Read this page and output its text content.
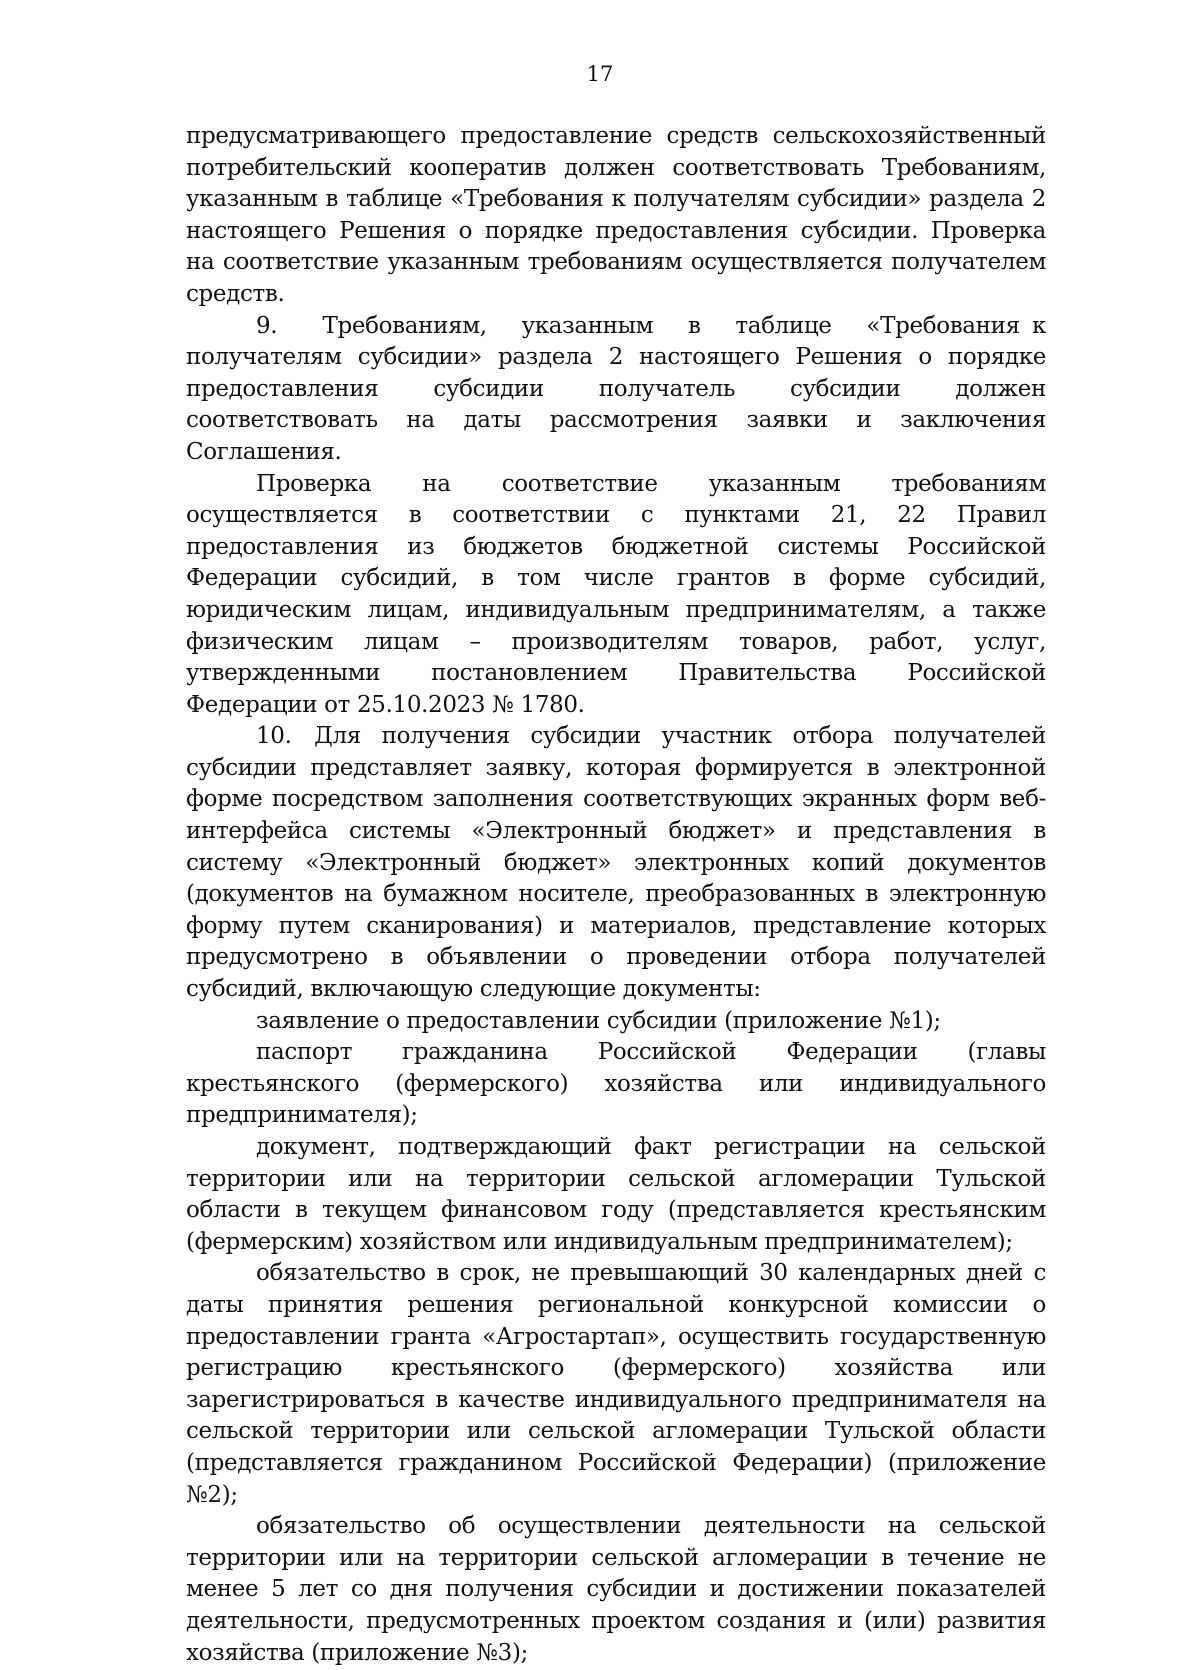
17

предусматривающего предоставление средств сельскохозяйственный потребительский кооператив должен соответствовать Требованиям, указанным в таблице «Требования к получателям субсидии» раздела 2 настоящего Решения о порядке предоставления субсидии. Проверка на соответствие указанным требованиям осуществляется получателем средств.

9.  Требованиям,  указанным  в  таблице  «Требования к получателям субсидии» раздела 2 настоящего Решения о порядке предоставления субсидии получатель субсидии должен соответствовать на даты рассмотрения заявки и заключения Соглашения.

Проверка на соответствие указанным требованиям осуществляется в соответствии с пунктами 21, 22 Правил предоставления из бюджетов бюджетной системы Российской Федерации субсидий, в том числе грантов в форме субсидий, юридическим лицам, индивидуальным предпринимателям, а также физическим лицам – производителям товаров, работ, услуг, утвержденными постановлением Правительства Российской Федерации от 25.10.2023 № 1780.

10. Для получения субсидии участник отбора получателей субсидии представляет заявку, которая формируется в электронной форме посредством заполнения соответствующих экранных форм веб-интерфейса системы «Электронный бюджет» и представления в систему «Электронный бюджет» электронных копий документов (документов на бумажном носителе, преобразованных в электронную форму путем сканирования) и материалов, представление которых предусмотрено в объявлении о проведении отбора получателей субсидий, включающую следующие документы:

заявление о предоставлении субсидии (приложение №1);

паспорт гражданина Российской Федерации (главы крестьянского (фермерского) хозяйства или индивидуального предпринимателя);

документ, подтверждающий факт регистрации на сельской территории или на территории сельской агломерации Тульской области в текущем финансовом году (представляется крестьянским (фермерским) хозяйством или индивидуальным предпринимателем);

обязательство в срок, не превышающий 30 календарных дней с даты принятия решения региональной конкурсной комиссии о предоставлении гранта «Агростартап», осуществить государственную регистрацию крестьянского (фермерского) хозяйства или зарегистрироваться в качестве индивидуального предпринимателя на сельской территории или сельской агломерации Тульской области (представляется гражданином Российской Федерации) (приложение №2);

обязательство об осуществлении деятельности на сельской территории или на территории сельской агломерации в течение не менее 5 лет со дня получения субсидии и достижении показателей деятельности, предусмотренных проектом создания и (или) развития хозяйства (приложение №3);
